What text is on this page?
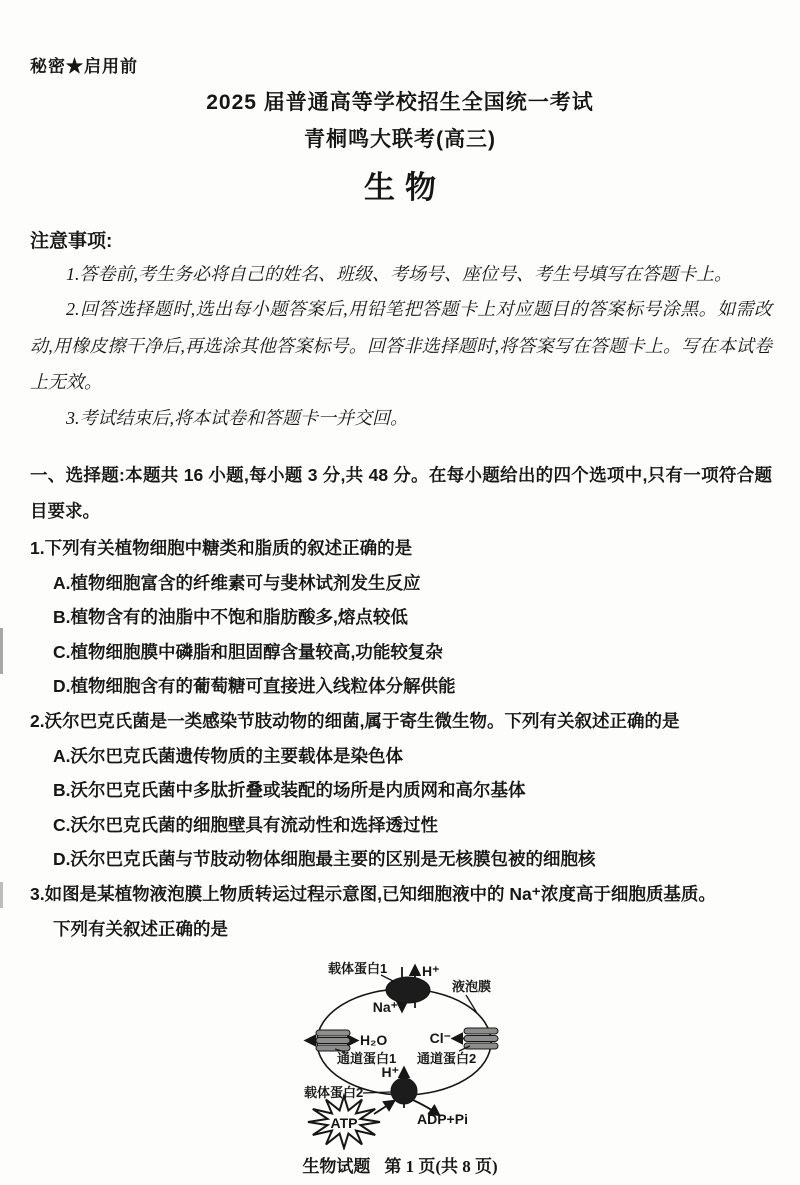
秘密★启用前
2025 届普通高等学校招生全国统一考试
青桐鸣大联考(高三)
生物
注意事项:
1.答卷前,考生务必将自己的姓名、班级、考场号、座位号、考生号填写在答题卡上。
2.回答选择题时,选出每小题答案后,用铅笔把答题卡上对应题目的答案标号涂黑。如需改动,用橡皮擦干净后,再选涂其他答案标号。回答非选择题时,将答案写在答题卡上。写在本试卷上无效。
3.考试结束后,将本试卷和答题卡一并交回。
一、选择题:本题共 16 小题,每小题 3 分,共 48 分。在每小题给出的四个选项中,只有一项符合题目要求。
1.下列有关植物细胞中糖类和脂质的叙述正确的是
A.植物细胞富含的纤维素可与斐林试剂发生反应
B.植物含有的油脂中不饱和脂肪酸多,熔点较低
C.植物细胞膜中磷脂和胆固醇含量较高,功能较复杂
D.植物细胞含有的葡萄糖可直接进入线粒体分解供能
2.沃尔巴克氏菌是一类感染节肢动物的细菌,属于寄生微生物。下列有关叙述正确的是
A.沃尔巴克氏菌遗传物质的主要载体是染色体
B.沃尔巴克氏菌中多肽折叠或装配的场所是内质网和高尔基体
C.沃尔巴克氏菌的细胞壁具有流动性和选择透过性
D.沃尔巴克氏菌与节肢动物体细胞最主要的区别是无核膜包被的细胞核
3.如图是某植物液泡膜上物质转运过程示意图,已知细胞液中的 Na⁺浓度高于细胞质基质。
下列有关叙述正确的是
载体蛋白1 H⁺
Na⁺
液泡膜
H₂O
通道蛋白1
Cl⁻
通道蛋白2
H⁺
载体蛋白2
ATP	ADP+Pi
生物试题 第 1 页(共 8 页)
